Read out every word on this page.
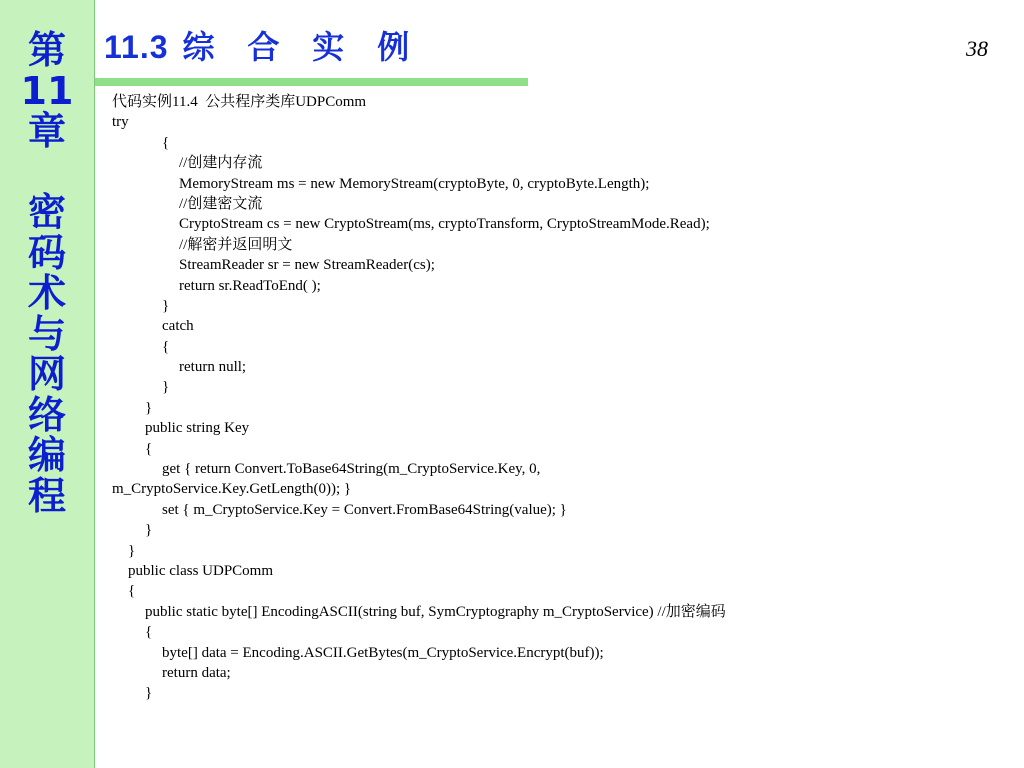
第
11
章
密
码
术
与
网
络
编
程
11.3 综 合 实 例	38
代码实例11.4  公共程序类库UDPComm
try
{
//创建内存流
MemoryStream ms = new MemoryStream(cryptoByte, 0, cryptoByte.Length);
//创建密文流
CryptoStream cs = new CryptoStream(ms, cryptoTransform, CryptoStreamMode.Read);
//解密并返回明文
StreamReader sr = new StreamReader(cs);
return sr.ReadToEnd( );
}
catch
{
return null;
}
}
public string Key
{
get { return Convert.ToBase64String(m_CryptoService.Key, 0,
m_CryptoService.Key.GetLength(0)); }
set { m_CryptoService.Key = Convert.FromBase64String(value); }
}
}
public class UDPComm
{
public static byte[] EncodingASCII(string buf, SymCryptography m_CryptoService) //加密编码
{
byte[] data = Encoding.ASCII.GetBytes(m_CryptoService.Encrypt(buf));
return data;
}
